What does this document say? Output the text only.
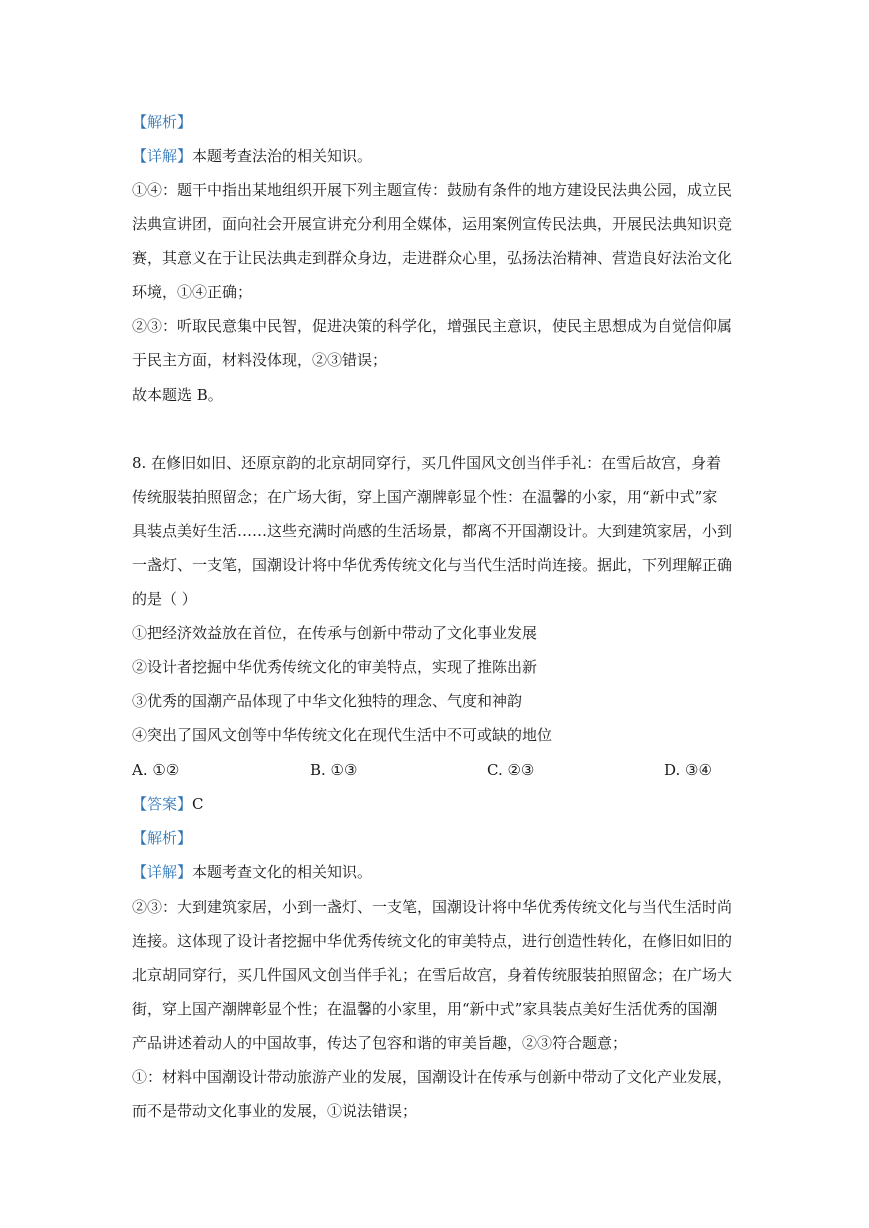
【解析】
【详解】本题考查法治的相关知识。
①④：题干中指出某地组织开展下列主题宣传：鼓励有条件的地方建设民法典公园，成立民
法典宣讲团，面向社会开展宣讲充分利用全媒体，运用案例宣传民法典，开展民法典知识竞
赛，其意义在于让民法典走到群众身边，走进群众心里，弘扬法治精神、营造良好法治文化
环境，①④正确；
②③：听取民意集中民智，促进决策的科学化，增强民主意识，使民主思想成为自觉信仰属
于民主方面，材料没体现，②③错误；
故本题选 B。
8. 在修旧如旧、还原京韵的北京胡同穿行，买几件国风文创当伴手礼：在雪后故宫，身着
传统服装拍照留念；在广场大街，穿上国产潮牌彰显个性：在温馨的小家，用“新中式”家
具装点美好生活……这些充满时尚感的生活场景，都离不开国潮设计。大到建筑家居，小到
一盏灯、一支笔，国潮设计将中华优秀传统文化与当代生活时尚连接。据此，下列理解正确
的是（ ）
①把经济效益放在首位，在传承与创新中带动了文化事业发展
②设计者挖掘中华优秀传统文化的审美特点，实现了推陈出新
③优秀的国潮产品体现了中华文化独特的理念、气度和神韵
④突出了国风文创等中华传统文化在现代生活中不可或缺的地位
A. ①②	B. ①③	C. ②③	D. ③④
【答案】C
【解析】
【详解】本题考查文化的相关知识。
②③：大到建筑家居，小到一盏灯、一支笔，国潮设计将中华优秀传统文化与当代生活时尚
连接。这体现了设计者挖掘中华优秀传统文化的审美特点，进行创造性转化，在修旧如旧的
北京胡同穿行，买几件国风文创当伴手礼；在雪后故宫，身着传统服装拍照留念；在广场大
街，穿上国产潮牌彰显个性；在温馨的小家里，用“新中式”家具装点美好生活优秀的国潮
产品讲述着动人的中国故事，传达了包容和谐的审美旨趣，②③符合题意；
①：材料中国潮设计带动旅游产业的发展，国潮设计在传承与创新中带动了文化产业发展，
而不是带动文化事业的发展，①说法错误；
